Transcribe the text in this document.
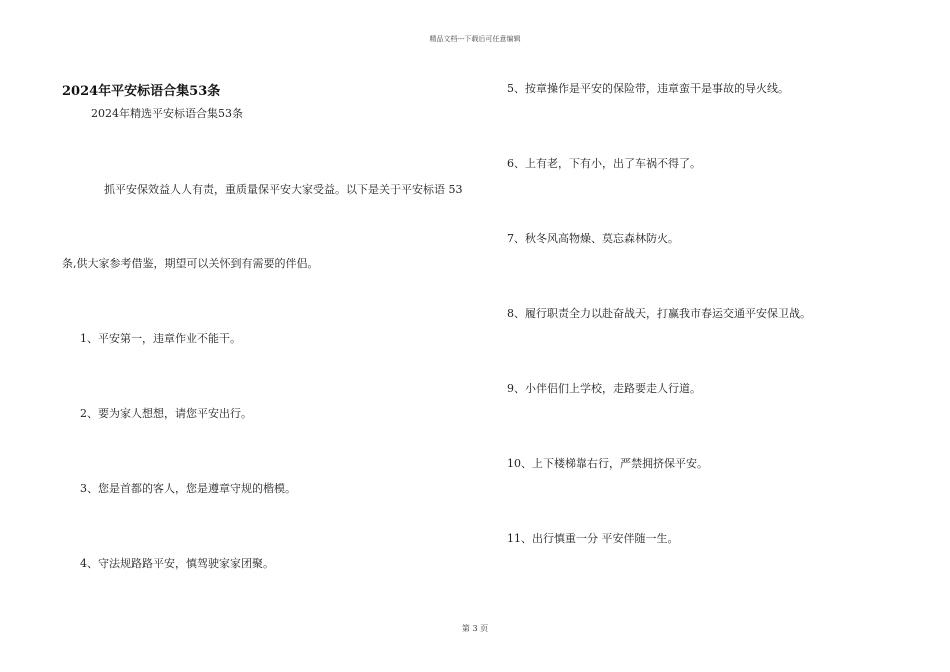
精品文档---下载后可任意编辑
2024年平安标语合集53条
2024年精选平安标语合集53条
抓平安保效益人人有责，重质量保平安大家受益。以下是关于平安标语 53
条,供大家参考借鉴，期望可以关怀到有需要的伴侣。
1、平安第一，违章作业不能干。
2、要为家人想想，请您平安出行。
3、您是首都的客人，您是遵章守规的楷模。
4、守法规路路平安，慎驾驶家家团聚。
5、按章操作是平安的保险带，违章蛮干是事故的导火线。
6、上有老，下有小，出了车祸不得了。
7、秋冬风高物燥、莫忘森林防火。
8、履行职责全力以赴奋战天，打赢我市春运交通平安保卫战。
9、小伴侣们上学校，走路要走人行道。
10、上下楼梯靠右行，严禁拥挤保平安。
11、出行慎重一分 平安伴随一生。
第 3 页
